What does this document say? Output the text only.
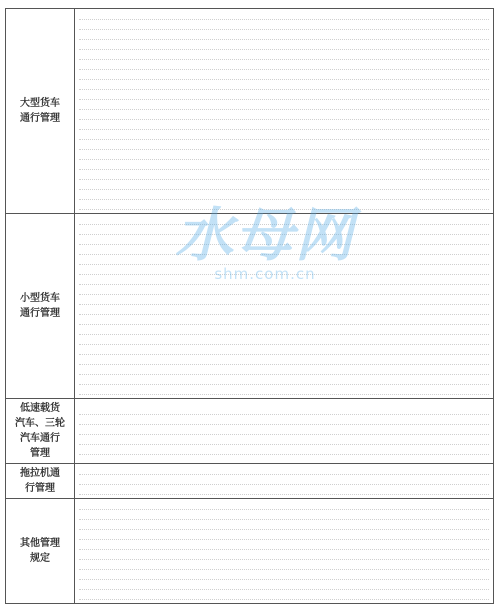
大型货车
通行管理	

小型货车
通行管理	

低速载货
汽车、三轮
汽车通行
管理	

拖拉机通
行管理	

其他管理
规定	
水母网
shm.com.cn
